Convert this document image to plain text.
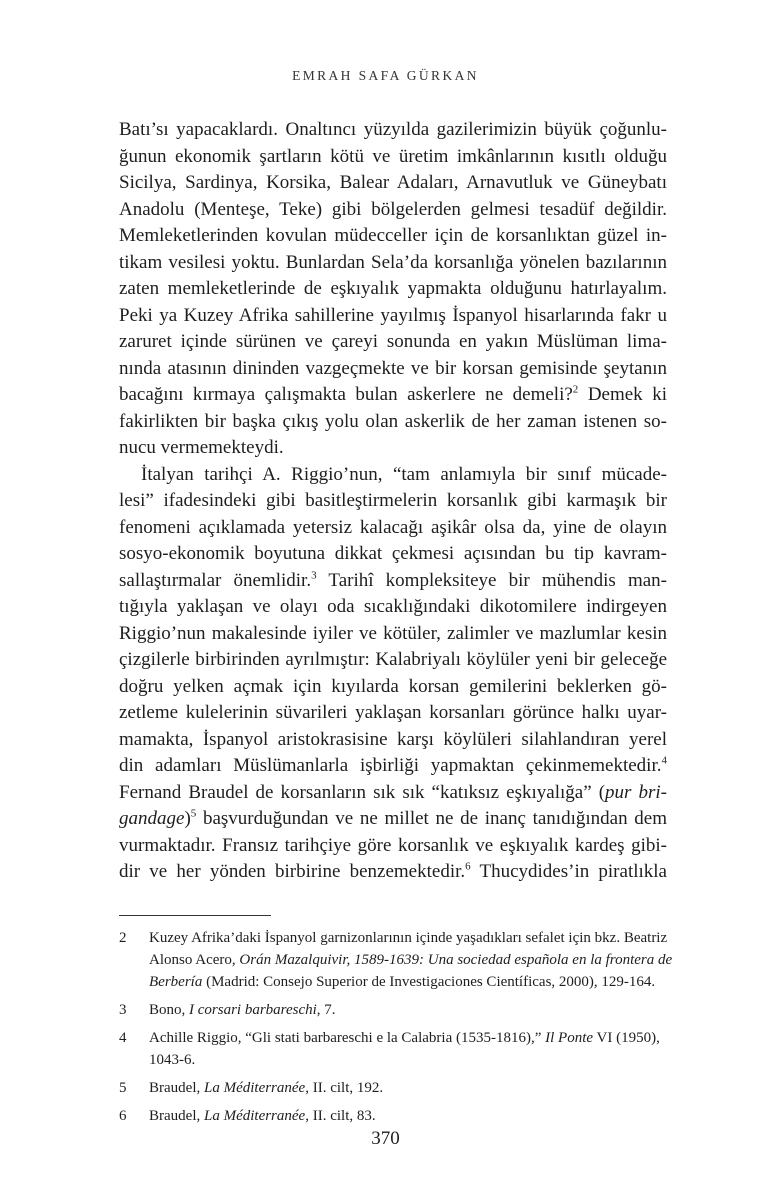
EMRAH SAFA GÜRKAN
Batı’sı yapacaklardı. Onaltıncı yüzyılda gazilerimizin büyük çoğunlu-
ğunun ekonomik şartların kötü ve üretim imkânlarının kısıtlı olduğu
Sicilya, Sardinya, Korsika, Balear Adaları, Arnavutluk ve Güneybatı
Anadolu (Menteşe, Teke) gibi bölgelerden gelmesi tesadüf değildir.
Memleketlerinden kovulan müdecceller için de korsanlıktan güzel in-
tikam vesilesi yoktu. Bunlardan Sela’da korsanlığa yönelen bazılarının
zaten memleketlerinde de eşkıyalık yapmakta olduğunu hatırlayalım.
Peki ya Kuzey Afrika sahillerine yayılmış İspanyol hisarlarında fakr u
zaruret içinde sürünen ve çareyi sonunda en yakın Müslüman lima-
nında atasının dininden vazgeçmekte ve bir korsan gemisinde şeytanın
bacağını kırmaya çalışmakta bulan askerlere ne demeli?$^2$ Demek ki
fakirlikten bir başka çıkış yolu olan askerlik de her zaman istenen so-
nucu vermemekteydi.
İtalyan tarihçi A. Riggio’nun, “tam anlamıyla bir sınıf mücade-
lesi” ifadesindeki gibi basitleştirmelerin korsanlık gibi karmaşık bir
fenomeni açıklamada yetersiz kalacağı aşikâr olsa da, yine de olayın
sosyo-ekonomik boyutuna dikkat çekmesi açısından bu tip kavram-
sallaştırmalar önemlidir.$^3$ Tarihî kompleksiteye bir mühendis man-
tığıyla yaklaşan ve olayı oda sıcaklığındaki dikotomilere indirgeyen
Riggio’nun makalesinde iyiler ve kötüler, zalimler ve mazlumlar kesin
çizgilerle birbirinden ayrılmıştır: Kalabriyalı köylüler yeni bir geleceğe
doğru yelken açmak için kıyılarda korsan gemilerini beklerken gö-
zetleme kulelerinin süvarileri yaklaşan korsanları görünce halkı uyar-
mamakta, İspanyol aristokrasisine karşı köylüleri silahlandıran yerel
din adamları Müslümanlarla işbirliği yapmaktan çekinmemektedir.$^4$
Fernand Braudel de korsanların sık sık “katıksız eşkıyalığa” (pur bri-
gandage)$^5$ başvurduğundan ve ne millet ne de inanç tanıdığından dem
vurmaktadır. Fransız tarihçiye göre korsanlık ve eşkıyalık kardeş gibi-
dir ve her yönden birbirine benzemektedir.$^6$ Thucydides’in piratlıkla
2	Kuzey Afrika’daki İspanyol garnizonlarının içinde yaşadıkları sefalet için bkz. Beatriz
Alonso Acero, Orán Mazalquivir, 1589-1639: Una sociedad española en la frontera de
Berbería (Madrid: Consejo Superior de Investigaciones Científicas, 2000), 129-164.
3	Bono, I corsari barbareschi, 7.
4	Achille Riggio, “Gli stati barbareschi e la Calabria (1535-1816),” Il Ponte VI (1950),
1043-6.
5	Braudel, La Méditerranée, II. cilt, 192.
6	Braudel, La Méditerranée, II. cilt, 83.
370
